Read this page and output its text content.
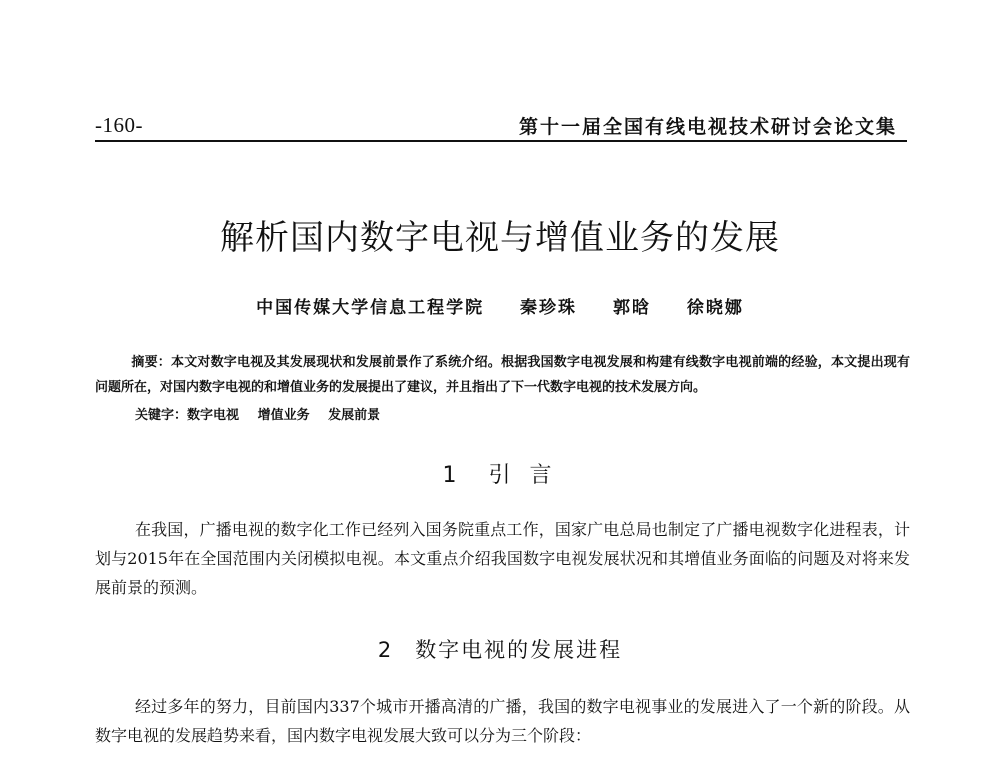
-160-	第十一届全国有线电视技术研讨会论文集
解析国内数字电视与增值业务的发展
中国传媒大学信息工程学院 秦珍珠 郭晗 徐晓娜
摘要：本文对数字电视及其发展现状和发展前景作了系统介绍。根据我国数字电视发展和构建有线数字电视前端的经验，本文提出现有问题所在，对国内数字电视的和增值业务的发展提出了建议，并且指出了下一代数字电视的技术发展方向。
关键字：数字电视 增值业务 发展前景
1 引 言
在我国，广播电视的数字化工作已经列入国务院重点工作，国家广电总局也制定了广播电视数字化进程表，计划与2015年在全国范围内关闭模拟电视。本文重点介绍我国数字电视发展状况和其增值业务面临的问题及对将来发展前景的预测。
2 数字电视的发展进程
经过多年的努力，目前国内337个城市开播高清的广播，我国的数字电视事业的发展进入了一个新的阶段。从数字电视的发展趋势来看，国内数字电视发展大致可以分为三个阶段：
